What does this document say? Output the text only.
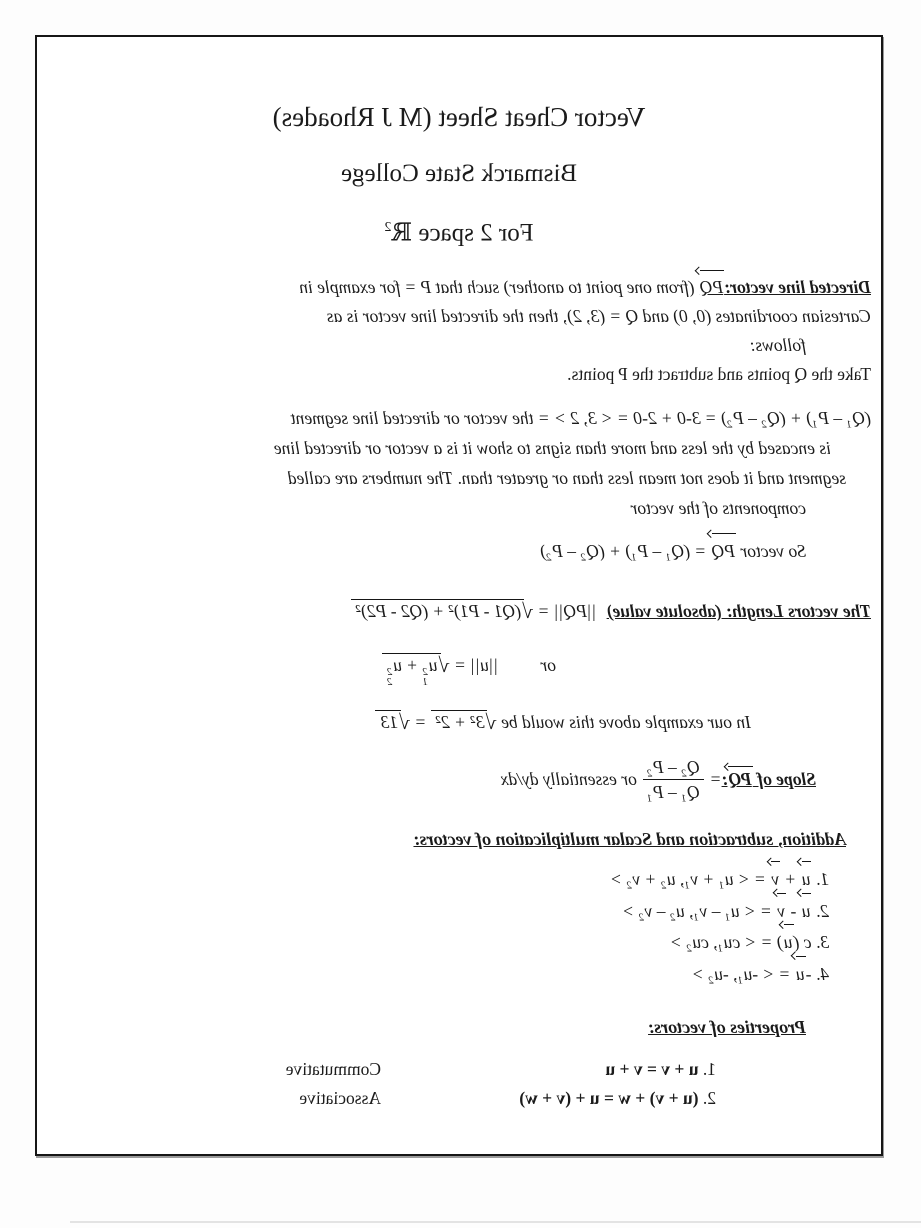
Vector Cheat Sheet (M J Rhoades)
Bismarck State College
For 2 space ℝ$^2$
Directed line vector:PQ (from one point to another) such that P = for example in
Cartesian coordinates (0, 0) and Q = (3, 2), then the directed line vector is as
follows:
Take the Q points and subtract the P points.
(Q₁ – P₁) + (Q₂ – P₂) = 3-0 + 2-0 = < 3, 2 > = the vector or directed line segment
is encased by the less and more than signs to show it is a vector or directed line
segment and it does not mean less than or greater than. The numbers are called
components of the vector
So vector PQ = (Q₁ – P₁) + (Q₂ – P₂)
The vectors Length: (absolute value)||PQ|| = √(Q1 - P1)² + (Q2 - P2)²
or||u|| = √u
2
1
+ u
2
2
In our example above this would be √3² + 2² = √13
Slope of PQ:
=
$\frac{\text{Q₂ – P₂}}{\text{Q₁ – P₁}}$
or essentially dy/dx
Addition, subtraction and Scalar multiplication of vectors:
1. u + v = < u₁ + v₁, u₂ + v₂ >
2. u - v = < u₁ – v₁, u₂ – v₂ >
3. c (u) = < cu₁, cu₂ >
4. -u = < -u₁, -u₂ >
Properties of vectors:
1. u + v = v + u
Commutative
2. (u + v) + w = u + (v + w)
Associative
